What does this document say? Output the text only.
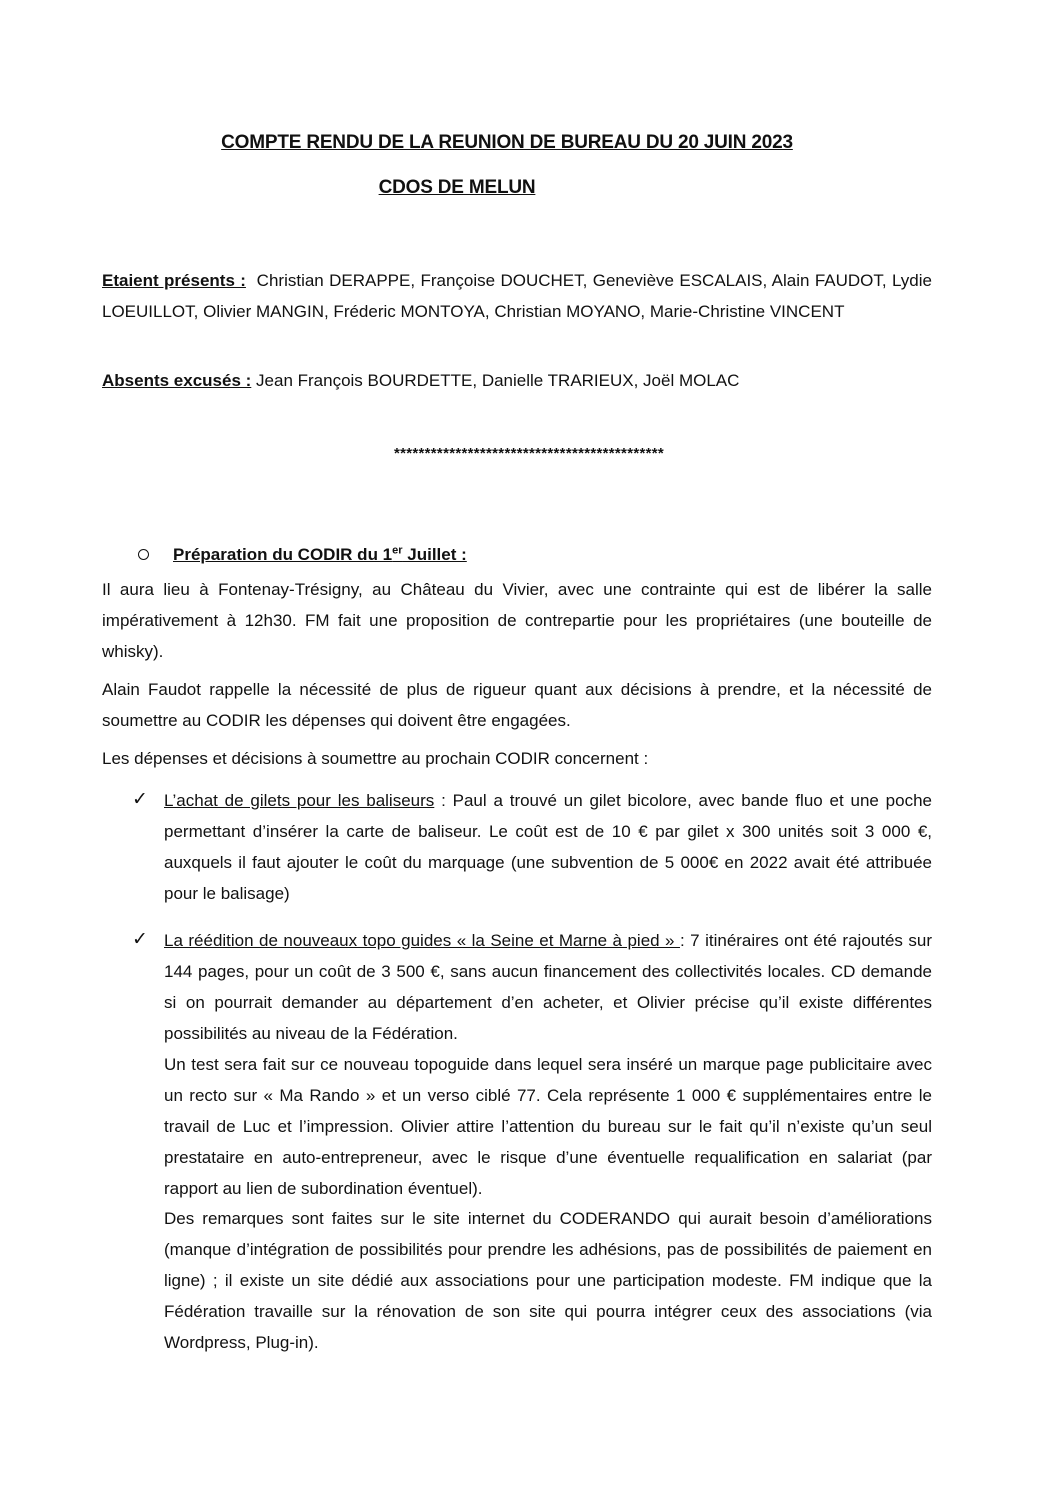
COMPTE RENDU DE LA REUNION DE BUREAU DU 20 JUIN 2023
CDOS DE MELUN

Etaient présents : Christian DERAPPE, Françoise DOUCHET, Geneviève ESCALAIS, Alain FAUDOT, Lydie LOEUILLOT, Olivier MANGIN, Fréderic MONTOYA, Christian MOYANO, Marie-Christine VINCENT

Absents excusés : Jean François BOURDETTE, Danielle TRARIEUX, Joël MOLAC

********************************************
Préparation du CODIR du 1er Juillet :

Il aura lieu à Fontenay-Trésigny, au Château du Vivier, avec une contrainte qui est de libérer la salle impérativement à 12h30. FM fait une proposition de contrepartie pour les propriétaires (une bouteille de whisky).

Alain Faudot rappelle la nécessité de plus de rigueur quant aux décisions à prendre, et la nécessité de soumettre au CODIR les dépenses qui doivent être engagées.

Les dépenses et décisions à soumettre au prochain CODIR concernent :

✓ L’achat de gilets pour les baliseurs : Paul a trouvé un gilet bicolore, avec bande fluo et une poche permettant d’insérer la carte de baliseur. Le coût est de 10 € par gilet x 300 unités soit 3 000 €, auxquels il faut ajouter le coût du marquage (une subvention de 5 000€ en 2022 avait été attribuée pour le balisage)

✓ La réédition de nouveaux topo guides « la Seine et Marne à pied » : 7 itinéraires ont été rajoutés sur 144 pages, pour un coût de 3 500 €, sans aucun financement des collectivités locales. CD demande si on pourrait demander au département d’en acheter, et Olivier précise qu’il existe différentes possibilités au niveau de la Fédération.

Un test sera fait sur ce nouveau topoguide dans lequel sera inséré un marque page publicitaire avec un recto sur « Ma Rando » et un verso ciblé 77. Cela représente 1 000 € supplémentaires entre le travail de Luc et l’impression. Olivier attire l’attention du bureau sur le fait qu’il n’existe qu’un seul prestataire en auto-entrepreneur, avec le risque d’une éventuelle requalification en salariat (par rapport au lien de subordination éventuel).

Des remarques sont faites sur le site internet du CODERANDO qui aurait besoin d’améliorations (manque d’intégration de possibilités pour prendre les adhésions, pas de possibilités de paiement en ligne) ; il existe un site dédié aux associations pour une participation modeste. FM indique que la Fédération travaille sur la rénovation de son site qui pourra intégrer ceux des associations (via Wordpress, Plug-in).
